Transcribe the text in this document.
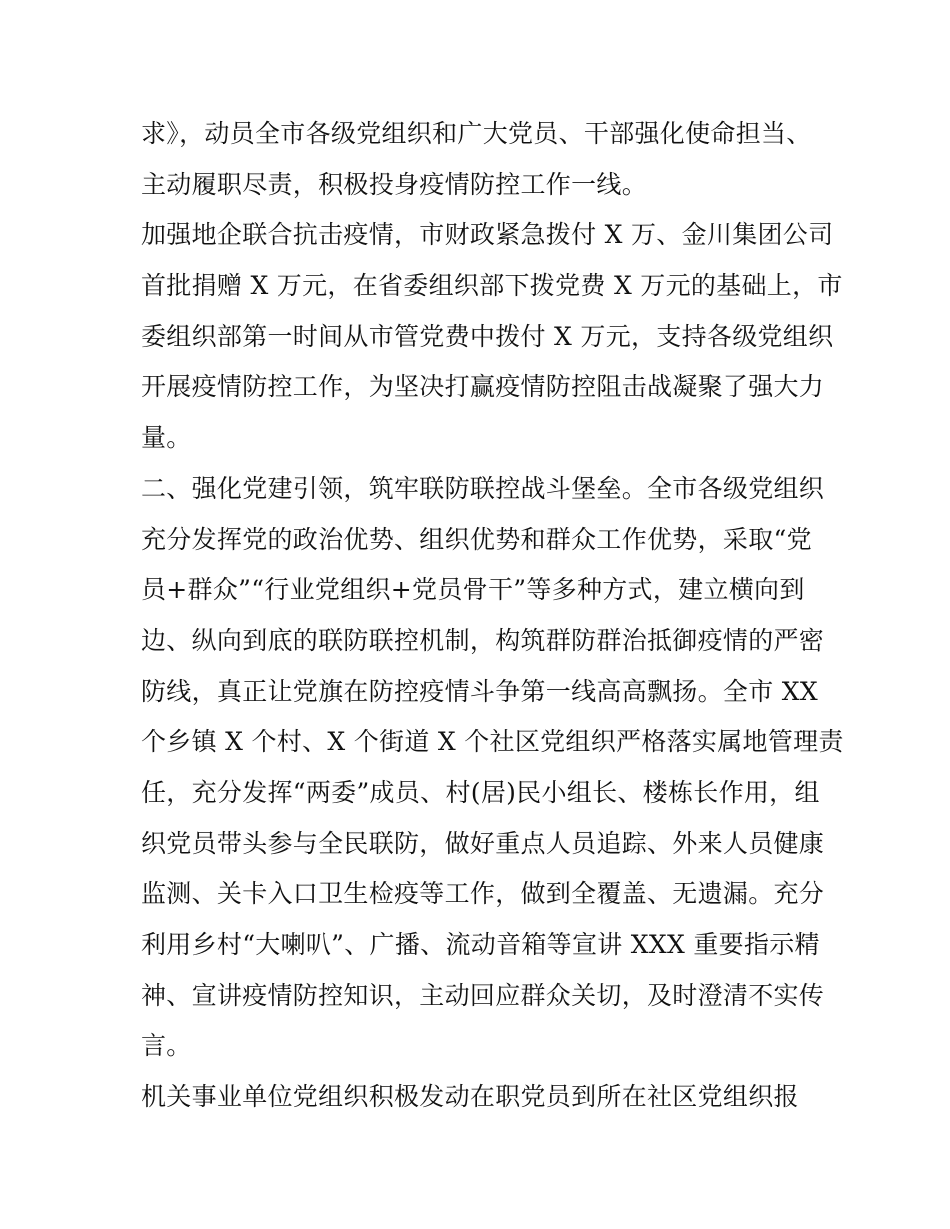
求》，动员全市各级党组织和广大党员、干部强化使命担当、
主动履职尽责，积极投身疫情防控工作一线。
加强地企联合抗击疫情，市财政紧急拨付 X 万、金川集团公司
首批捐赠 X 万元，在省委组织部下拨党费 X 万元的基础上，市
委组织部第一时间从市管党费中拨付 X 万元，支持各级党组织
开展疫情防控工作，为坚决打赢疫情防控阻击战凝聚了强大力
量。
二、强化党建引领，筑牢联防联控战斗堡垒。全市各级党组织
充分发挥党的政治优势、组织优势和群众工作优势，采取“党
员+群众”“行业党组织+党员骨干”等多种方式，建立横向到
边、纵向到底的联防联控机制，构筑群防群治抵御疫情的严密
防线，真正让党旗在防控疫情斗争第一线高高飘扬。全市 XX
个乡镇 X 个村、X 个街道 X 个社区党组织严格落实属地管理责
任，充分发挥“两委”成员、村(居)民小组长、楼栋长作用，组
织党员带头参与全民联防，做好重点人员追踪、外来人员健康
监测、关卡入口卫生检疫等工作，做到全覆盖、无遗漏。充分
利用乡村“大喇叭”、广播、流动音箱等宣讲 XXX 重要指示精
神、宣讲疫情防控知识，主动回应群众关切，及时澄清不实传
言。
机关事业单位党组织积极发动在职党员到所在社区党组织报
